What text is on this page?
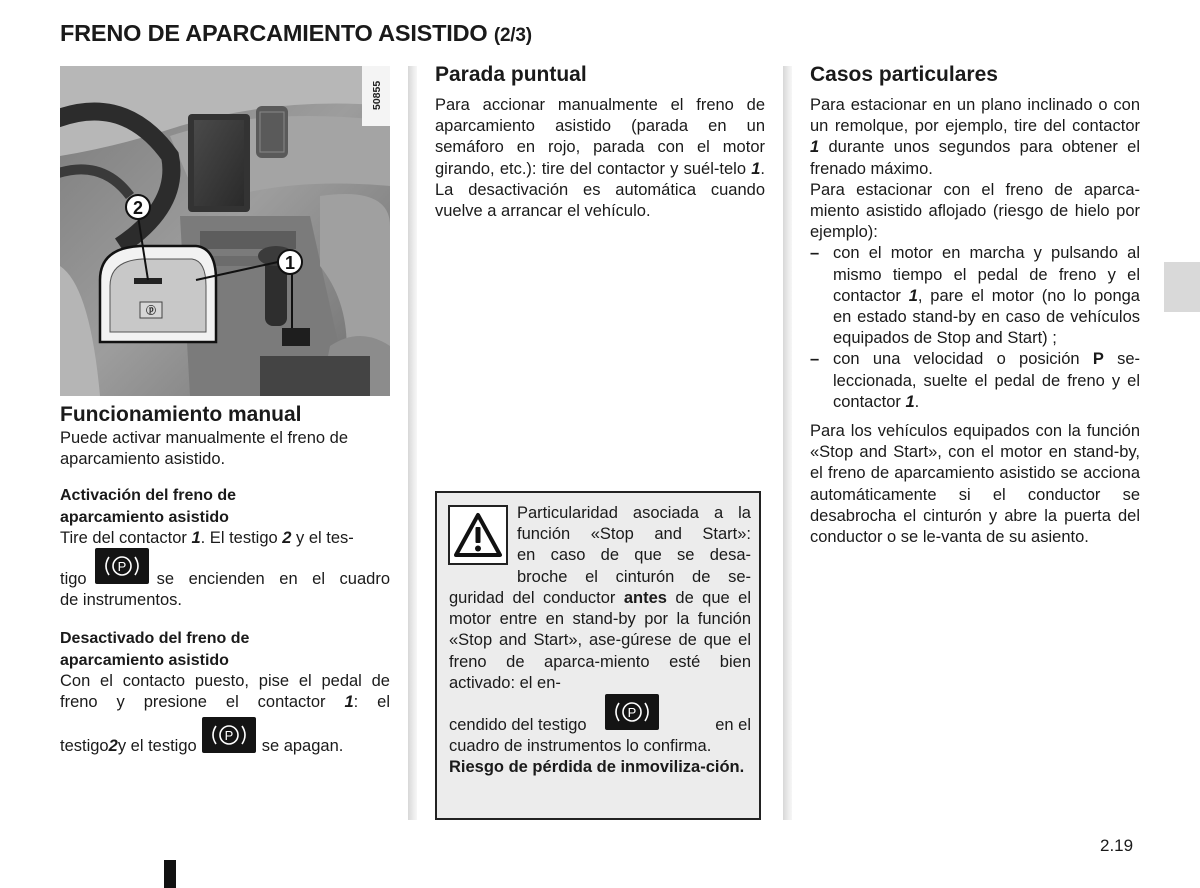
FRENO DE APARCAMIENTO ASISTIDO (2/3)
2.19
ⓟ
2
1
50855
Funcionamiento manual

Puede activar manualmente el freno de aparcamiento asistido.

Activación del freno de
aparcamiento asistido

Tire del contactor 1. El testigo 2 y el tes-

tigo
P
se encienden en el cuadro

de instrumentos.

Desactivado del freno de
aparcamiento asistido

Con el contacto puesto, pise el pedal de freno y presione el contactor 1: el

testigo 2 y el testigo
P
se apagan.
Parada puntual

Para accionar manualmente el freno de aparcamiento asistido (parada en un semáforo en rojo, parada con el motor girando, etc.): tire del contactor y suél-telo 1. La desactivación es automática cuando vuelve a arrancar el vehículo.

Particularidad asociada a la
función «Stop and Start»:
en caso de que se desa-
broche el cinturón de se-

guridad del conductor antes de que el motor entre en stand-by por la función «Stop and Start», ase-gúrese de que el freno de aparca-miento esté bien activado: el en-

cendido del testigo
P
en el

cuadro de instrumentos lo confirma.

Riesgo de pérdida de inmoviliza-ción.

Casos particulares

Para estacionar en un plano inclinado o con un remolque, por ejemplo, tire del contactor 1 durante unos segundos para obtener el frenado máximo.

Para estacionar con el freno de aparca-miento asistido aflojado (riesgo de hielo por ejemplo):

– con el motor en marcha y pulsando al mismo tiempo el pedal de freno y el contactor 1, pare el motor (no lo ponga en estado stand-by en caso de vehículos equipados de Stop and Start) ;
– con una velocidad o posición P se-leccionada, suelte el pedal de freno y el contactor 1.

Para los vehículos equipados con la función «Stop and Start», con el motor en stand-by, el freno de aparcamiento asistido se acciona automáticamente si el conductor se desabrocha el cinturón y abre la puerta del conductor o se le-vanta de su asiento.
